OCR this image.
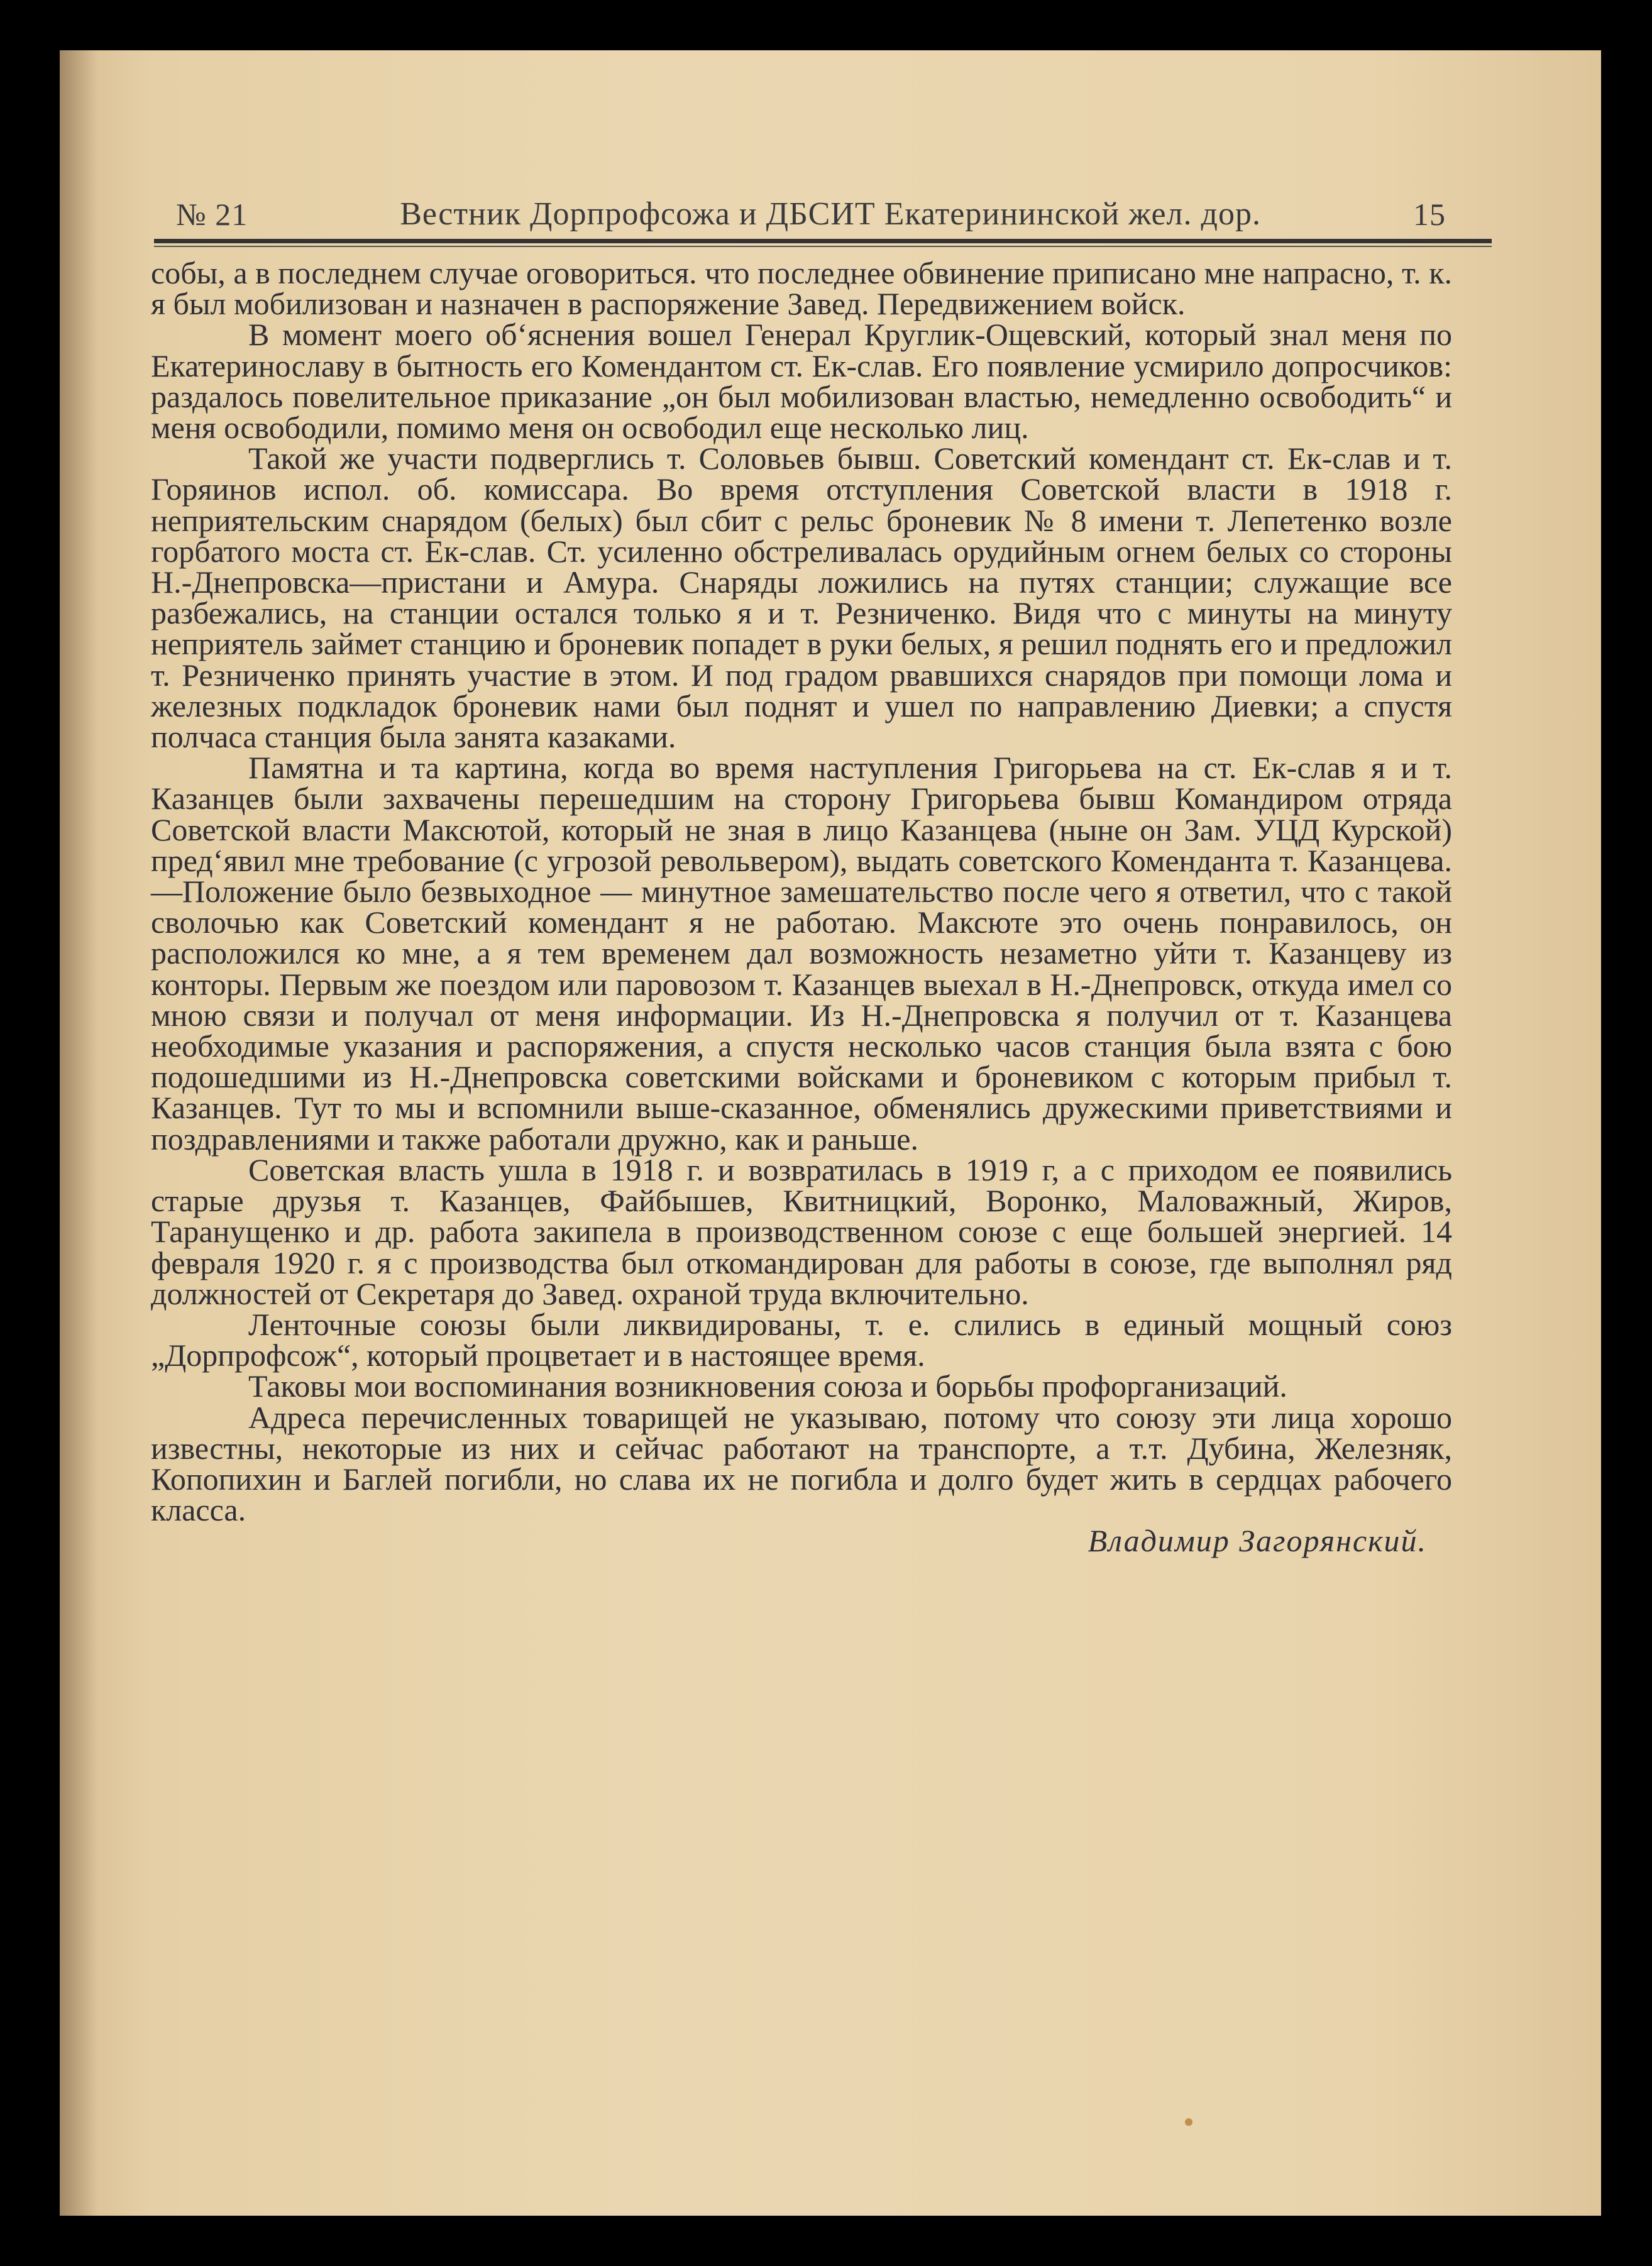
№ 21	Вестник Дорпрофсожа и ДБСИТ Екатерининской жел. дор.	15

собы, а в последнем случае оговориться. что последнее обвинение приписано мне напрасно, т. к. я был мобилизован и назначен в распоряжение Завед. Передвижением войск.

В момент моего об‘яснения вошел Генерал Круглик-Ощевский, который знал меня по Екатеринославу в бытность его Комендантом ст. Ек-слав. Его появление усмирило допросчиков: раздалось повелительное приказание „он был мобилизован властью, немедленно освободить“ и меня освободили, помимо меня он освободил еще несколько лиц.

Такой же участи подверглись т. Соловьев бывш. Советский комендант ст. Ек-слав и т. Горяинов испол. об. комиссара. Во время отступления Советской власти в 1918 г. неприятельским снарядом (белых) был сбит с рельс броневик № 8 имени т. Лепетенко возле горбатого моста ст. Ек-слав. Ст. усиленно обстреливалась орудийным огнем белых со стороны Н.-Днепровска—пристани и Амура. Снаряды ложились на путях станции; служащие все разбежались, на станции остался только я и т. Резниченко. Видя что с минуты на минуту неприятель займет станцию и броневик попадет в руки белых, я решил поднять его и предложил т. Резниченко принять участие в этом. И под градом рвавшихся снарядов при помощи лома и железных подкладок броневик нами был поднят и ушел по направлению Диевки; а спустя полчаса станция была занята казаками.

Памятна и та картина, когда во время наступления Григорьева на ст. Ек-слав я и т. Казанцев были захвачены перешедшим на сторону Григорьева бывш Командиром отряда Советской власти Максютой, который не зная в лицо Казанцева (ныне он Зам. УЦД Курской) пред‘явил мне требование (с угрозой револьвером), выдать советского Коменданта т. Казанцева.—Положение было безвыходное — минутное замешательство после чего я ответил, что с такой сволочью как Советский комендант я не работаю. Максюте это очень понравилось, он расположился ко мне, а я тем временем дал возможность незаметно уйти т. Казанцеву из конторы. Первым же поездом или паровозом т. Казанцев выехал в Н.-Днепровск, откуда имел со мною связи и получал от меня информации. Из Н.-Днепровска я получил от т. Казанцева необходимые указания и распоряжения, а спустя несколько часов станция была взята с бою подошедшими из Н.-Днепровска советскими войсками и броневиком с которым прибыл т. Казанцев. Тут то мы и вспомнили выше-сказанное, обменялись дружескими приветствиями и поздравлениями и также работали дружно, как и раньше.

Советская власть ушла в 1918 г. и возвратилась в 1919 г, а с приходом ее появились старые друзья т. Казанцев, Файбышев, Квитницкий, Воронко, Маловажный, Жиров, Таранущенко и др. работа закипела в производственном союзе с еще большей энергией. 14 февраля 1920 г. я с производства был откомандирован для работы в союзе, где выполнял ряд должностей от Секретаря до Завед. охраной труда включительно.

Ленточные союзы были ликвидированы, т. е. слились в единый мощный союз „Дорпрофсож“, который процветает и в настоящее время.

Таковы мои воспоминания возникновения союза и борьбы профорганизаций.

Адреса перечисленных товарищей не указываю, потому что союзу эти лица хорошо известны, некоторые из них и сейчас работают на транспорте, а т.т. Дубина, Железняк, Копопихин и Баглей погибли, но слава их не погибла и долго будет жить в сердцах рабочего класса.

Владимир Загорянский.
